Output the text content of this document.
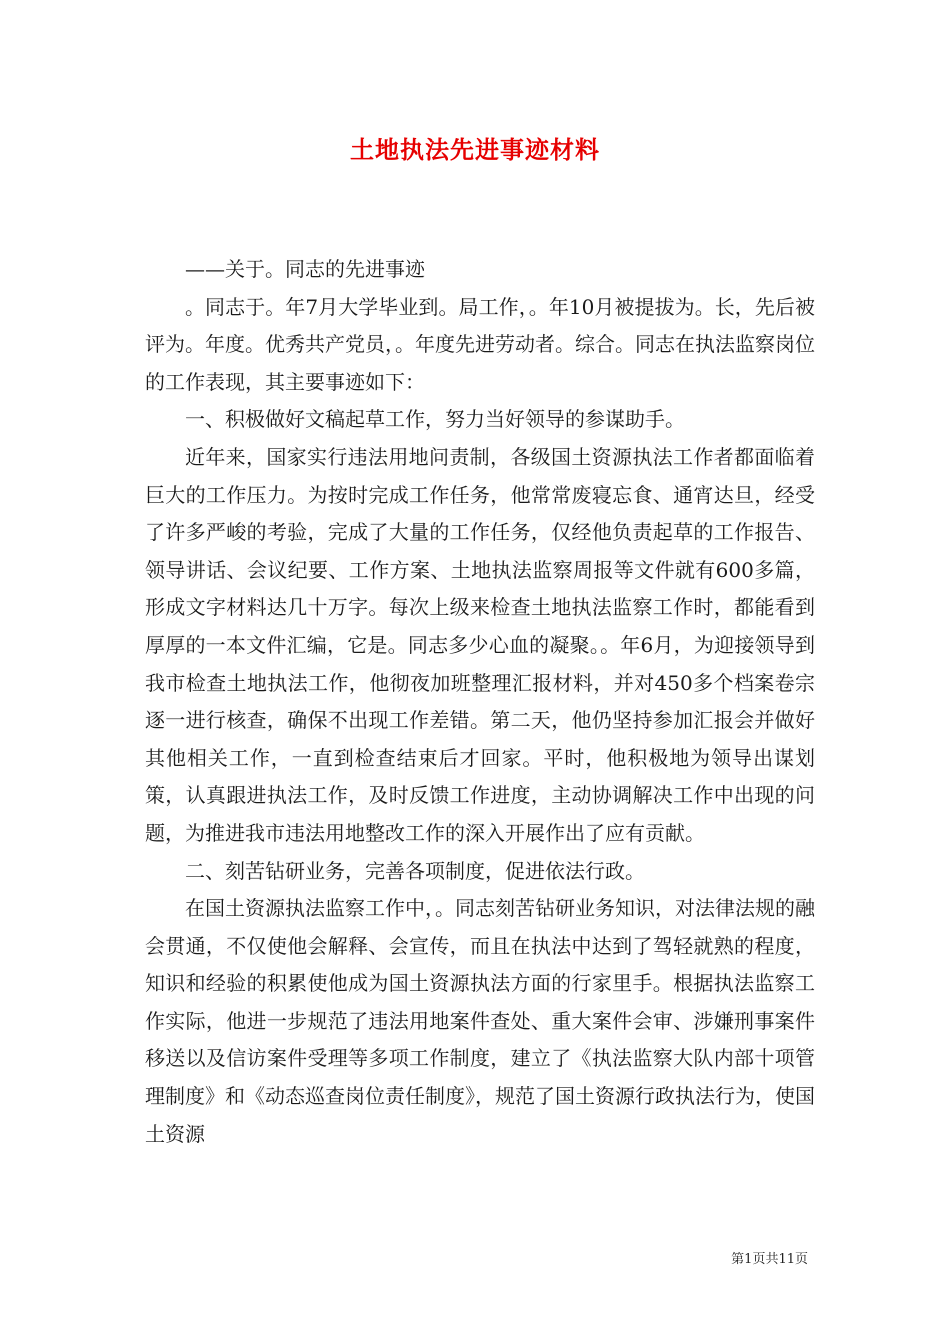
土地执法先进事迹材料

——关于。同志的先进事迹

。同志于。年7月大学毕业到。局工作，。年10月被提拔为。长，先后被评为。年度。优秀共产党员，。年度先进劳动者。综合。同志在执法监察岗位的工作表现，其主要事迹如下：

一、积极做好文稿起草工作，努力当好领导的参谋助手。

近年来，国家实行违法用地问责制，各级国土资源执法工作者都面临着巨大的工作压力。为按时完成工作任务，他常常废寝忘食、通宵达旦，经受了许多严峻的考验，完成了大量的工作任务，仅经他负责起草的工作报告、领导讲话、会议纪要、工作方案、土地执法监察周报等文件就有600多篇，形成文字材料达几十万字。每次上级来检查土地执法监察工作时，都能看到厚厚的一本文件汇编，它是。同志多少心血的凝聚。。年6月，为迎接领导到我市检查土地执法工作，他彻夜加班整理汇报材料，并对450多个档案卷宗逐一进行核查，确保不出现工作差错。第二天，他仍坚持参加汇报会并做好其他相关工作，一直到检查结束后才回家。平时，他积极地为领导出谋划策，认真跟进执法工作，及时反馈工作进度，主动协调解决工作中出现的问题，为推进我市违法用地整改工作的深入开展作出了应有贡献。

二、刻苦钻研业务，完善各项制度，促进依法行政。

在国土资源执法监察工作中，。同志刻苦钻研业务知识，对法律法规的融会贯通，不仅使他会解释、会宣传，而且在执法中达到了驾轻就熟的程度，知识和经验的积累使他成为国土资源执法方面的行家里手。根据执法监察工作实际，他进一步规范了违法用地案件查处、重大案件会审、涉嫌刑事案件移送以及信访案件受理等多项工作制度，建立了《执法监察大队内部十项管理制度》和《动态巡查岗位责任制度》，规范了国土资源行政执法行为，使国土资源

第1页共11页
